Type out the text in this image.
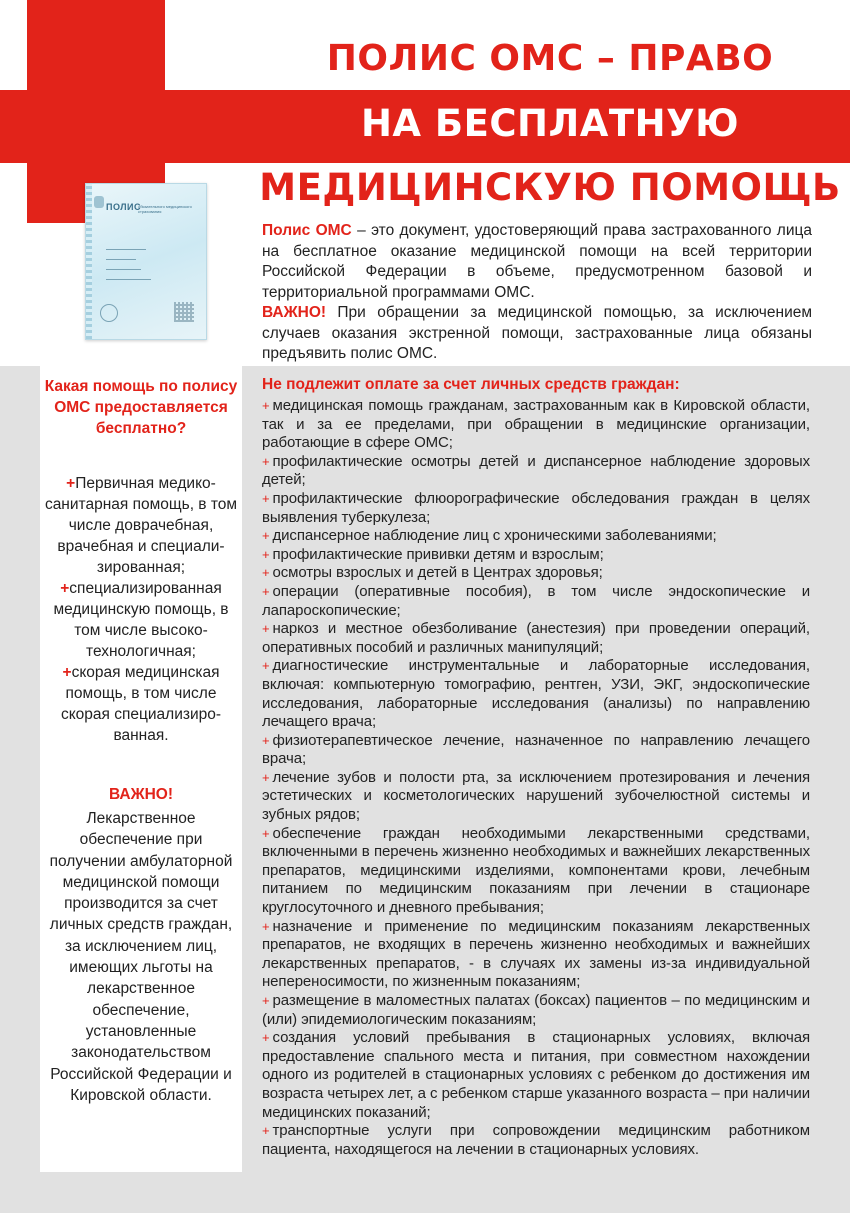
ПОЛИС ОМС – ПРАВО
НА БЕСПЛАТНУЮ
МЕДИЦИНСКУЮ ПОМОЩЬ
ПОЛИС
обязательного медицинского страхования

Полис ОМС – это документ, удостоверяющий права застрахованного лица на бесплатное оказание медицинской помощи на всей территории Российской Федерации в объеме, предусмотренном базовой и территориальной программами ОМС.

ВАЖНО! При обращении за медицинской помощью, за исключением случаев оказания экстренной помощи, застрахованные лица обязаны предъявить полис ОМС.

Какая помощь по полису ОМС предоставляется бесплатно?

+Первичная медико-санитарная помощь, в том числе доврачебная, врачебная и специали-зированная;

+специализированная медицинскую помощь, в том числе высоко-технологичная;

+скорая медицинская помощь, в том числе скорая специализиро-ванная.

ВАЖНО!
Лекарственное обеспечение при получении амбулаторной медицинской помощи производится за счет личных средств граждан, за исключением лиц, имеющих льготы на лекарственное обеспечение, установленные законодательством Российской Федерации и Кировской области.
Не подлежит оплате за счет личных средств граждан:

+ медицинская помощь гражданам, застрахованным как в Кировской области, так и за ее пределами, при обращении в медицинские организации, работающие в сфере ОМС;

+ профилактические осмотры детей и диспансерное наблюдение здоровых детей;

+ профилактические флюорографические обследования граждан в целях выявления туберкулеза;

+ диспансерное наблюдение лиц с хроническими заболеваниями;

+ профилактические прививки детям и взрослым;

+ осмотры взрослых и детей в Центрах здоровья;

+ операции (оперативные пособия), в том числе эндоскопические и лапароскопические;

+ наркоз и местное обезболивание (анестезия) при проведении операций, оперативных пособий и различных манипуляций;

+ диагностические инструментальные и лабораторные исследования, включая: компьютерную томографию, рентген, УЗИ, ЭКГ, эндоскопические исследования, лабораторные исследования (анализы) по направлению лечащего врача;

+ физиотерапевтическое лечение, назначенное по направлению лечащего врача;

+ лечение зубов и полости рта, за исключением протезирования и лечения эстетических и косметологических нарушений зубочелюстной системы и зубных рядов;

+ обеспечение граждан необходимыми лекарственными средствами, включенными в перечень жизненно необходимых и важнейших лекарственных препаратов, медицинскими изделиями, компонентами крови, лечебным питанием по медицинским показаниям при лечении в стационаре круглосуточного и дневного пребывания;

+ назначение и применение по медицинским показаниям лекарственных препаратов, не входящих в перечень жизненно необходимых и важнейших лекарственных препаратов, - в случаях их замены из-за индивидуальной непереносимости, по жизненным показаниям;

+ размещение в маломестных палатах (боксах) пациентов – по медицинским и (или) эпидемиологическим показаниям;

+ создания условий пребывания в стационарных условиях, включая предоставление спального места и питания, при совместном нахождении одного из родителей в стационарных условиях с ребенком до достижения им возраста четырех лет, а с ребенком старше указанного возраста – при наличии медицинских показаний;

+ транспортные услуги при сопровождении медицинским работником пациента, находящегося на лечении в стационарных условиях.
